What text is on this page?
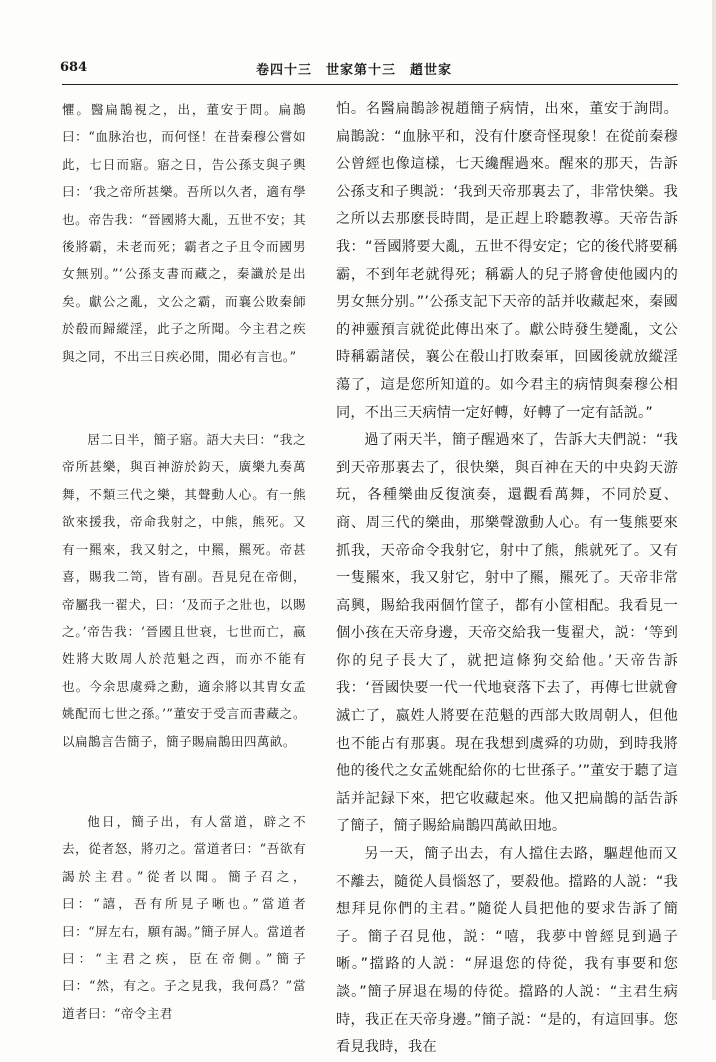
684	卷四十三　世家第十三　趙世家

懼。醫扁鵲視之，出，董安于問。扁鵲曰：“血脉治也，而何怪！在昔秦穆公嘗如此，七日而寤。寤之日，告公孫支與子輿曰：‘我之帝所甚樂。吾所以久者，適有學也。帝告我：“晉國將大亂，五世不安；其後將霸，未老而死；霸者之子且令而國男女無别。”’公孫支書而藏之，秦讖於是出矣。獻公之亂，文公之霸，而襄公敗秦師於殽而歸縱淫，此子之所聞。今主君之疾與之同，不出三日疾必閒，閒必有言也。”

居二日半，簡子寤。語大夫曰：“我之帝所甚樂，與百神游於鈞天，廣樂九奏萬舞，不類三代之樂，其聲動人心。有一熊欲來援我，帝命我射之，中熊，熊死。又有一羆來，我又射之，中羆，羆死。帝甚喜，賜我二笥，皆有副。吾見兒在帝側，帝屬我一翟犬，曰：‘及而子之壯也，以賜之。’帝告我：‘晉國且世衰，七世而亡，嬴姓將大敗周人於范魁之西，而亦不能有也。今余思虞舜之勳，適余將以其胄女孟姚配而七世之孫。’”董安于受言而書藏之。以扁鵲言告簡子，簡子賜扁鵲田四萬畝。

他日，簡子出，有人當道，辟之不去，從者怒，將刃之。當道者曰：“吾欲有謁於主君。”從者以聞。簡子召之，曰：“譆，吾有所見子晰也。”當道者曰：“屏左右，願有謁。”簡子屏人。當道者曰：“主君之疾，臣在帝側。”簡子曰：“然，有之。子之見我，我何爲？”當道者曰：“帝令主君

怕。名醫扁鵲診視趙簡子病情，出來，董安于詢問。扁鵲說：“血脉平和，没有什麽奇怪現象！在從前秦穆公曾經也像這樣，七天纔醒過來。醒來的那天，告訴公孫支和子輿説：‘我到天帝那裏去了，非常快樂。我之所以去那麽長時間，是正趕上聆聽教導。天帝告訴我：“晉國將要大亂，五世不得安定；它的後代將要稱霸，不到年老就得死；稱霸人的兒子將會使他國内的男女無分别。”’公孫支記下天帝的話并收藏起來，秦國的神靈預言就從此傳出來了。獻公時發生變亂，文公時稱霸諸侯，襄公在殽山打敗秦軍，回國後就放縱淫蕩了，這是您所知道的。如今君主的病情與秦穆公相同，不出三天病情一定好轉，好轉了一定有話説。”

過了兩天半，簡子醒過來了，告訴大夫們説：“我到天帝那裏去了，很快樂，與百神在天的中央鈞天游玩，各種樂曲反復演奏，還觀看萬舞，不同於夏、商、周三代的樂曲，那樂聲激動人心。有一隻熊要來抓我，天帝命令我射它，射中了熊，熊就死了。又有一隻羆來，我又射它，射中了羆，羆死了。天帝非常高興，賜給我兩個竹筐子，都有小筐相配。我看見一個小孩在天帝身邊，天帝交給我一隻翟犬，説：‘等到你的兒子長大了，就把這條狗交給他。’天帝告訴我：‘晉國快要一代一代地衰落下去了，再傳七世就會滅亡了，嬴姓人將要在范魁的西部大敗周朝人，但他也不能占有那裏。現在我想到虞舜的功勋，到時我將他的後代之女孟姚配給你的七世孫子。’”董安于聽了這話并記録下來，把它收藏起來。他又把扁鵲的話告訴了簡子，簡子賜給扁鵲四萬畝田地。

另一天，簡子出去，有人擋住去路，驅趕他而又不離去，隨從人員惱怒了，要殺他。擋路的人説：“我想拜見你們的主君。”隨從人員把他的要求告訴了簡子。簡子召見他，説：“嘻，我夢中曾經見到過子晰。”擋路的人説：“屏退您的侍從，我有事要和您談。”簡子屏退在場的侍從。擋路的人説：“主君生病時，我正在天帝身邊。”簡子説：“是的，有這回事。您看見我時，我在
